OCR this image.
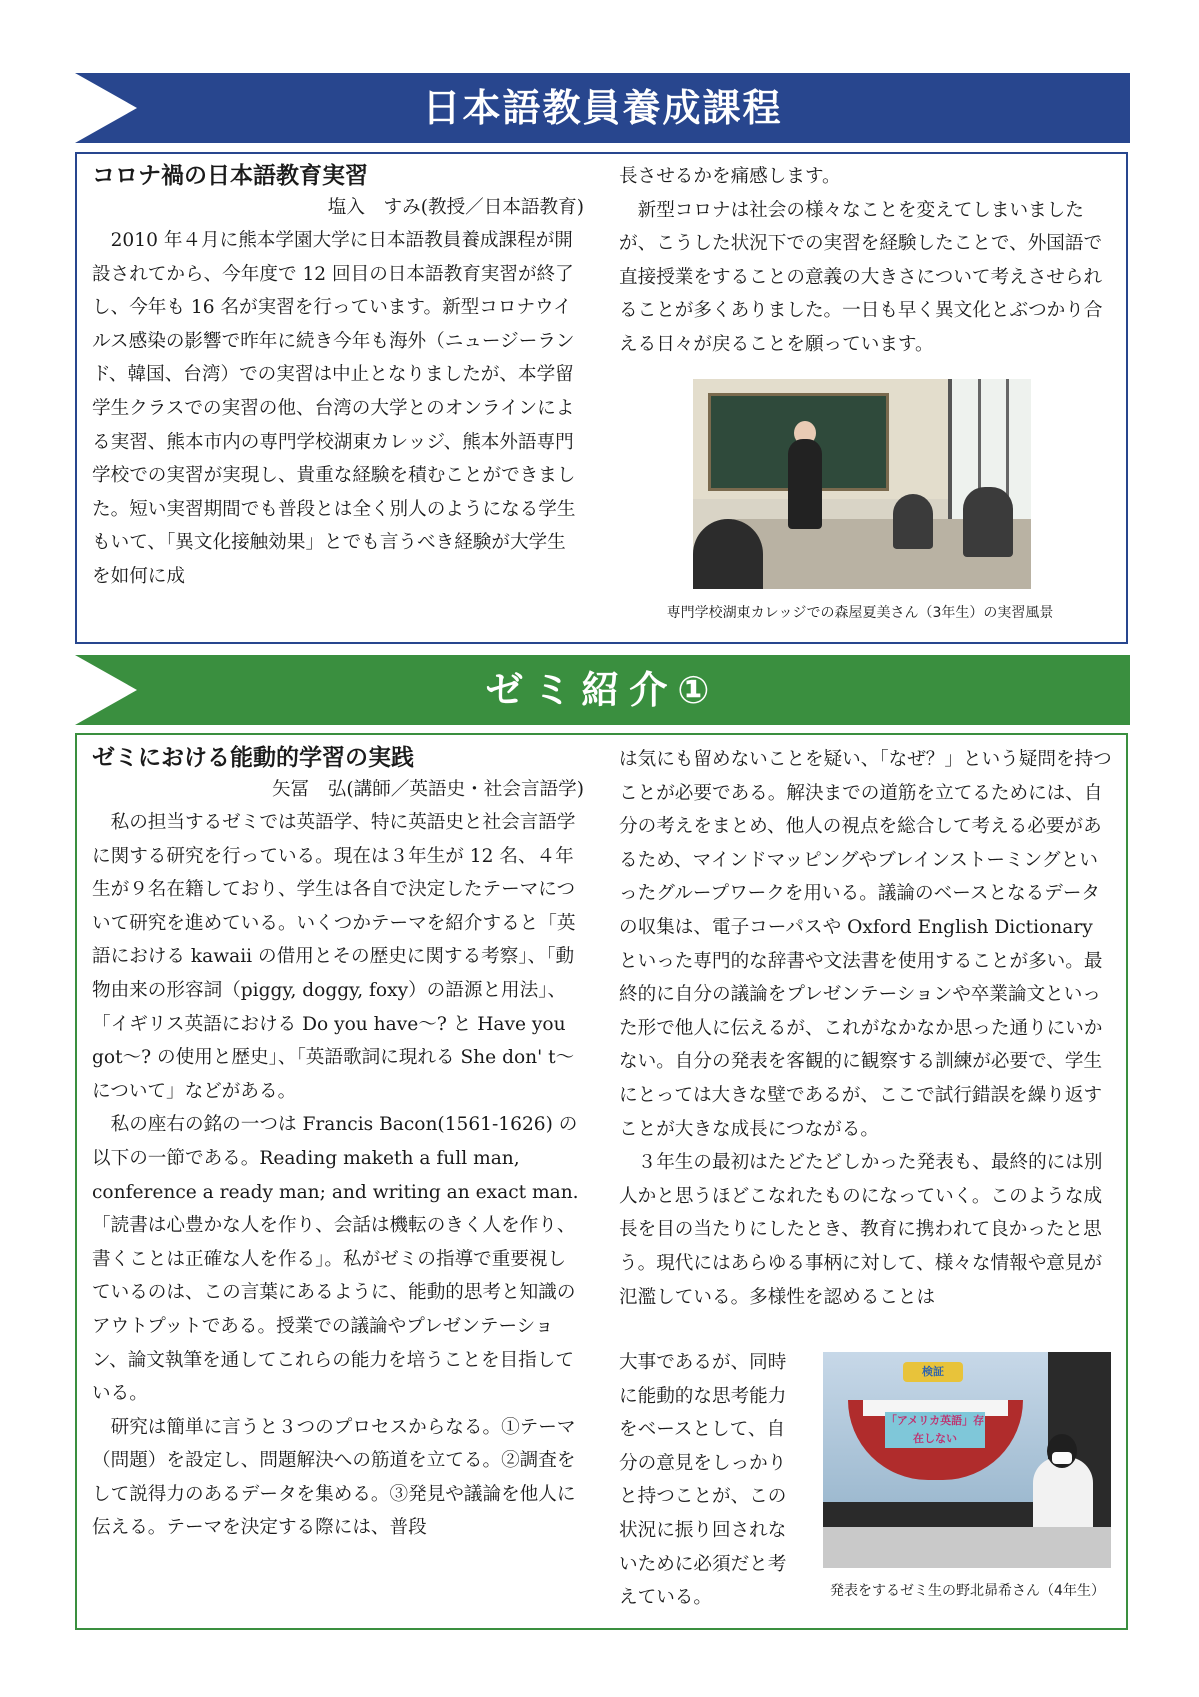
日本語教員養成課程
コロナ禍の日本語教育実習

塩入　すみ(教授／日本語教育)

2010 年４月に熊本学園大学に日本語教員養成課程が開設されてから、今年度で 12 回目の日本語教育実習が終了し、今年も 16 名が実習を行っています。新型コロナウイルス感染の影響で昨年に続き今年も海外（ニュージーランド、韓国、台湾）での実習は中止となりましたが、本学留学生クラスでの実習の他、台湾の大学とのオンラインによる実習、熊本市内の専門学校湖東カレッジ、熊本外語専門学校での実習が実現し、貴重な経験を積むことができました。短い実習期間でも普段とは全く別人のようになる学生もいて、「異文化接触効果」とでも言うべき経験が大学生を如何に成

長させるかを痛感します。

新型コロナは社会の様々なことを変えてしまいましたが、こうした状況下での実習を経験したことで、外国語で直接授業をすることの意義の大きさについて考えさせられることが多くありました。一日も早く異文化とぶつかり合える日々が戻ることを願っています。

専門学校湖東カレッジでの森屋夏美さん（3年生）の実習風景
ゼミ紹介①
ゼミにおける能動的学習の実践

矢冨　弘(講師／英語史・社会言語学)

私の担当するゼミでは英語学、特に英語史と社会言語学に関する研究を行っている。現在は３年生が 12 名、４年生が９名在籍しており、学生は各自で決定したテーマについて研究を進めている。いくつかテーマを紹介すると「英語における kawaii の借用とその歴史に関する考察」、「動物由来の形容詞（piggy, doggy, foxy）の語源と用法」、「イギリス英語における Do you have～? と Have you got～? の使用と歴史」、「英語歌詞に現れる She don' t～ について」などがある。

私の座右の銘の一つは Francis Bacon(1561-1626) の以下の一節である。Reading maketh a full man, conference a ready man; and writing an exact man.「読書は心豊かな人を作り、会話は機転のきく人を作り、書くことは正確な人を作る」。私がゼミの指導で重要視しているのは、この言葉にあるように、能動的思考と知識のアウトプットである。授業での議論やプレゼンテーション、論文執筆を通してこれらの能力を培うことを目指している。

研究は簡単に言うと３つのプロセスからなる。①テーマ（問題）を設定し、問題解決への筋道を立てる。②調査をして説得力のあるデータを集める。③発見や議論を他人に伝える。テーマを決定する際には、普段

は気にも留めないことを疑い、「なぜ？」という疑問を持つことが必要である。解決までの道筋を立てるためには、自分の考えをまとめ、他人の視点を総合して考える必要があるため、マインドマッピングやブレインストーミングといったグループワークを用いる。議論のベースとなるデータの収集は、電子コーパスや Oxford English Dictionary といった専門的な辞書や文法書を使用することが多い。最終的に自分の議論をプレゼンテーションや卒業論文といった形で他人に伝えるが、これがなかなか思った通りにいかない。自分の発表を客観的に観察する訓練が必要で、学生にとっては大きな壁であるが、ここで試行錯誤を繰り返すことが大きな成長につながる。

３年生の最初はたどたどしかった発表も、最終的には別人かと思うほどこなれたものになっていく。このような成長を目の当たりにしたとき、教育に携われて良かったと思う。現代にはあらゆる事柄に対して、様々な情報や意見が氾濫している。多様性を認めることは

大事であるが、同時

に能動的な思考能力

をベースとして、自

分の意見をしっかり

と持つことが、この

状況に振り回されな

いために必須だと考

えている。

検証
「アメリカ英語」存在しない
発表をするゼミ生の野北昴希さん（4年生）
